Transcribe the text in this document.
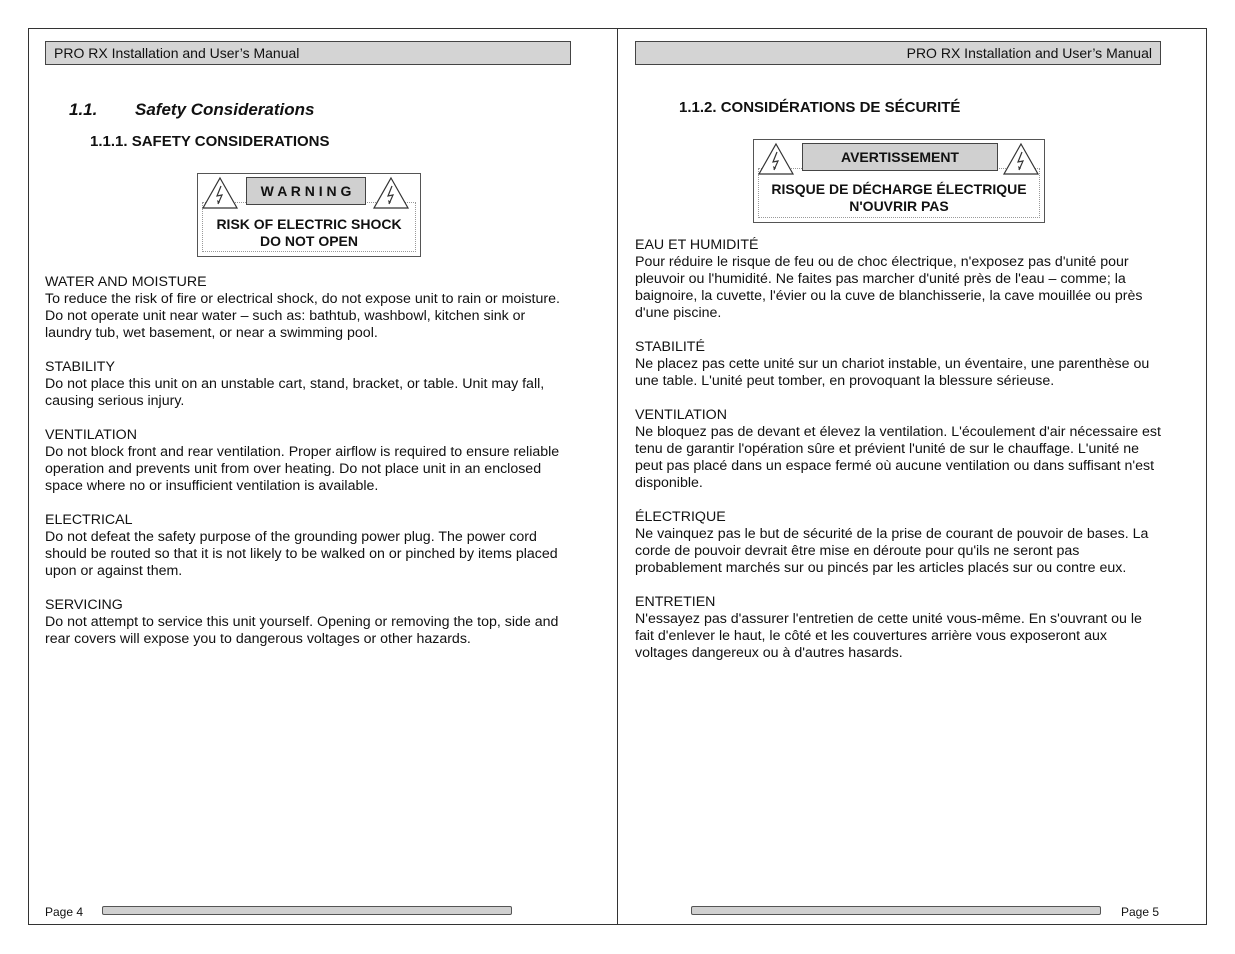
PRO RX Installation and User’s Manual
1.1. Safety Considerations
1.1.1. SAFETY CONSIDERATIONS
W A R N I N G
RISK OF ELECTRIC SHOCK
DO NOT OPEN
WATER AND MOISTURE
To reduce the risk of fire or electrical shock, do not expose unit to rain or moisture. Do not operate unit near water – such as: bathtub, washbowl, kitchen sink or laundry tub, wet basement, or near a swimming pool.
STABILITY
Do not place this unit on an unstable cart, stand, bracket, or table. Unit may fall, causing serious injury.
VENTILATION
Do not block front and rear ventilation. Proper airflow is required to ensure reliable operation and prevents unit from over heating. Do not place unit in an enclosed space where no or insufficient ventilation is available.
ELECTRICAL
Do not defeat the safety purpose of the grounding power plug. The power cord should be routed so that it is not likely to be walked on or pinched by items placed upon or against them.
SERVICING
Do not attempt to service this unit yourself. Opening or removing the top, side and rear covers will expose you to dangerous voltages or other hazards.
Page 4
PRO RX Installation and User’s Manual
1.1.2. CONSIDÉRATIONS DE SÉCURITÉ
AVERTISSEMENT
RISQUE DE DÉCHARGE ÉLECTRIQUE
N'OUVRIR PAS
EAU ET HUMIDITÉ
Pour réduire le risque de feu ou de choc électrique, n'exposez pas d'unité pour pleuvoir ou l'humidité. Ne faites pas marcher d'unité près de l'eau – comme; la baignoire, la cuvette, l'évier ou la cuve de blanchisserie, la cave mouillée ou près d'une piscine.
STABILITÉ
Ne placez pas cette unité sur un chariot instable, un éventaire, une parenthèse ou une table. L'unité peut tomber, en provoquant la blessure sérieuse.
VENTILATION
Ne bloquez pas de devant et élevez la ventilation. L'écoulement d'air nécessaire est tenu de garantir l'opération sûre et prévient l'unité de sur le chauffage. L'unité ne peut pas placé dans un espace fermé où aucune ventilation ou dans suffisant n'est disponible.
ÉLECTRIQUE
Ne vainquez pas le but de sécurité de la prise de courant de pouvoir de bases. La corde de pouvoir devrait être mise en déroute pour qu'ils ne seront pas probablement marchés sur ou pincés par les articles placés sur ou contre eux.
ENTRETIEN
N'essayez pas d'assurer l'entretien de cette unité vous-même. En s'ouvrant ou le fait d'enlever le haut, le côté et les couvertures arrière vous exposeront aux voltages dangereux ou à d'autres hasards.
Page 5
